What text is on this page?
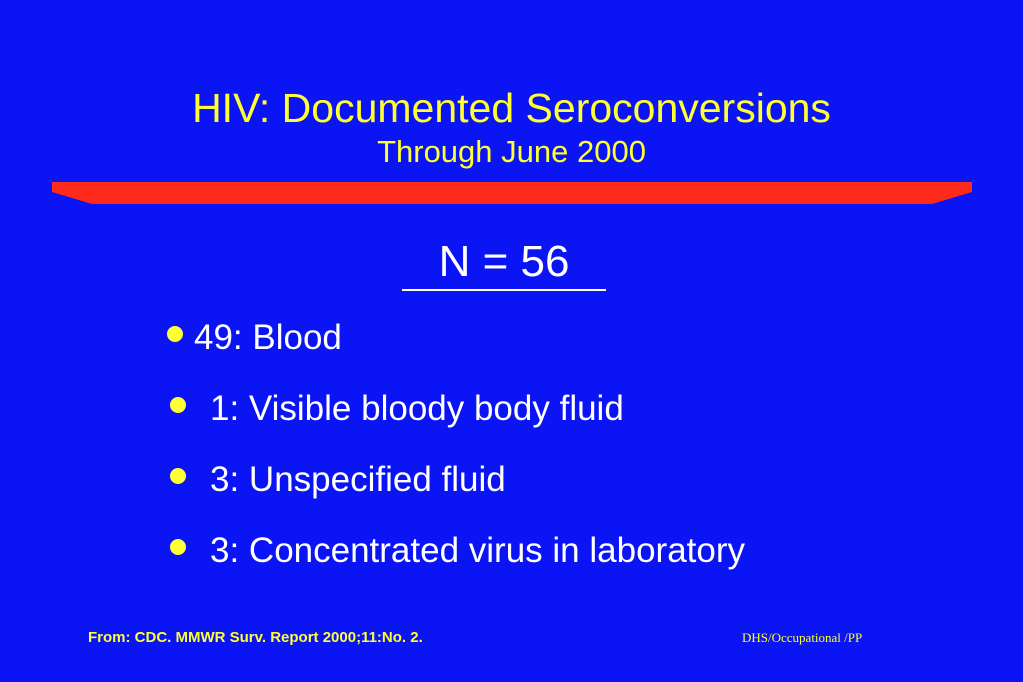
HIV: Documented Seroconversions
Through June 2000
N = 56
49: Blood
1: Visible bloody body fluid
3: Unspecified fluid
3: Concentrated virus in laboratory
From: CDC. MMWR Surv. Report 2000;11:No. 2.	DHS/Occupational /PP
